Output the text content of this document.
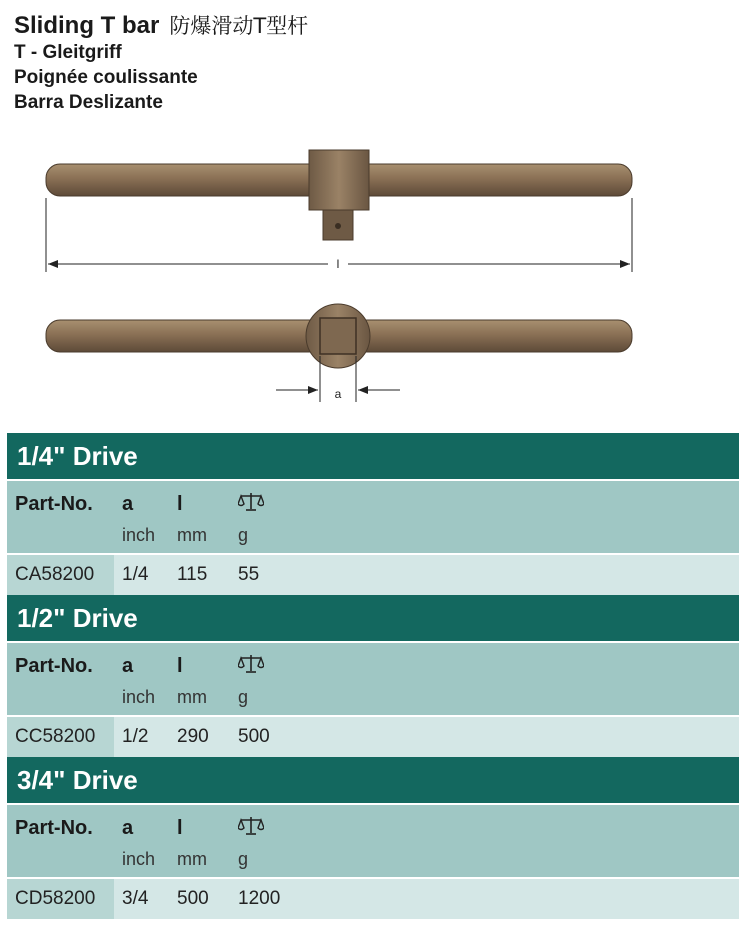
Sliding T bar 防爆滑动T型杆
T - Gleitgriff
Poignée coulissante
Barra Deslizante
l
a
1/4" Drive
Part-No. a l
inch mm g
CA58200 1/4 115 55
1/2" Drive
Part-No. a l
inch mm g
CC58200 1/2 290 500
3/4" Drive
Part-No. a l
inch mm g
CD58200 3/4 500 1200
